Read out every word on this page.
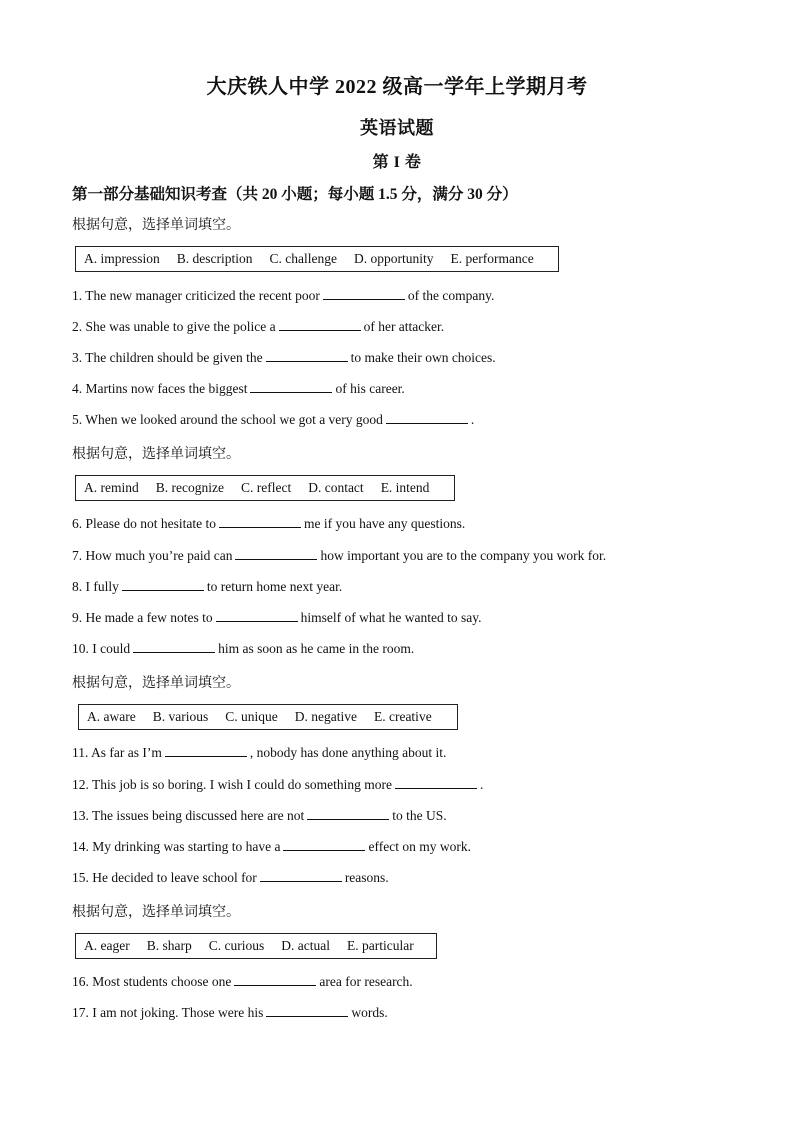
大庆铁人中学 2022 级高一学年上学期月考
英语试题
第 I 卷
第一部分基础知识考查（共 20 小题；每小题 1.5 分，满分 30 分）
根据句意，选择单词填空。
A. impression B. description C. challenge D. opportunity E. performance
1. The new manager criticized the recent poor	of the company.
2. She was unable to give the police a	of her attacker.
3. The children should be given the	to make their own choices.
4. Martins now faces the biggest	of his career.
5. When we looked around the school we got a very good	.
根据句意，选择单词填空。
A. remind B. recognize C. reflect D. contact E. intend
6. Please do not hesitate to	me if you have any questions.
7. How much you’re paid can	how important you are to the company you work for.
8. I fully	to return home next year.
9. He made a few notes to	himself of what he wanted to say.
10. I could	him as soon as he came in the room.
根据句意，选择单词填空。
A. aware B. various C. unique D. negative E. creative
11. As far as I’m	, nobody has done anything about it.
12. This job is so boring. I wish I could do something more	.
13. The issues being discussed here are not	to the US.
14. My drinking was starting to have a	effect on my work.
15. He decided to leave school for	reasons.
根据句意，选择单词填空。
A. eager B. sharp C. curious D. actual E. particular
16. Most students choose one	area for research.
17. I am not joking. Those were his	words.
